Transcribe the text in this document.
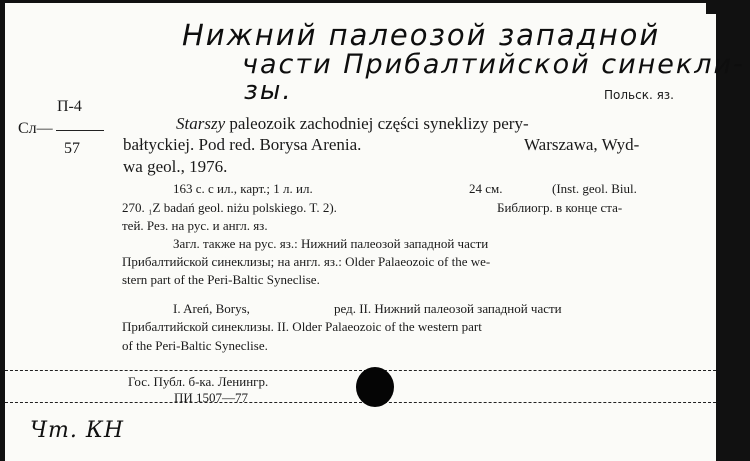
Нижний палеозой западной
части Прибалтийской синекли-
зы.	Польск. яз.
П-4
Сл—
57
Starszy paleozoik zachodniej części syneklizy pery-
bałtyckiej. Pod red. Borysa Arenia.	Warszawa, Wyd-
wa geol., 1976.
163 с. с ил., карт.; 1 л. ил.	24 см.	(Inst. geol. Biul.
270. ₁Z badań geol. niżu polskiego. T. 2).	Библиогр. в конце ста-
тей. Рез. на рус. и англ. яз.
Загл. также на рус. яз.: Нижний палеозой западной части
Прибалтийской синеклизы; на англ. яз.: Older Palaeozoic of the we-
stern part of the Peri-Baltic Syneclise.
I. Areń, Borys,	ред. II. Нижний палеозой западной части
Прибалтийской синеклизы. II. Older Palaeozoic of the western part
of the Peri-Baltic Syneclise.
Гос. Публ. б-ка. Ленингр.
ПИ 1507—77
Чт. КН
